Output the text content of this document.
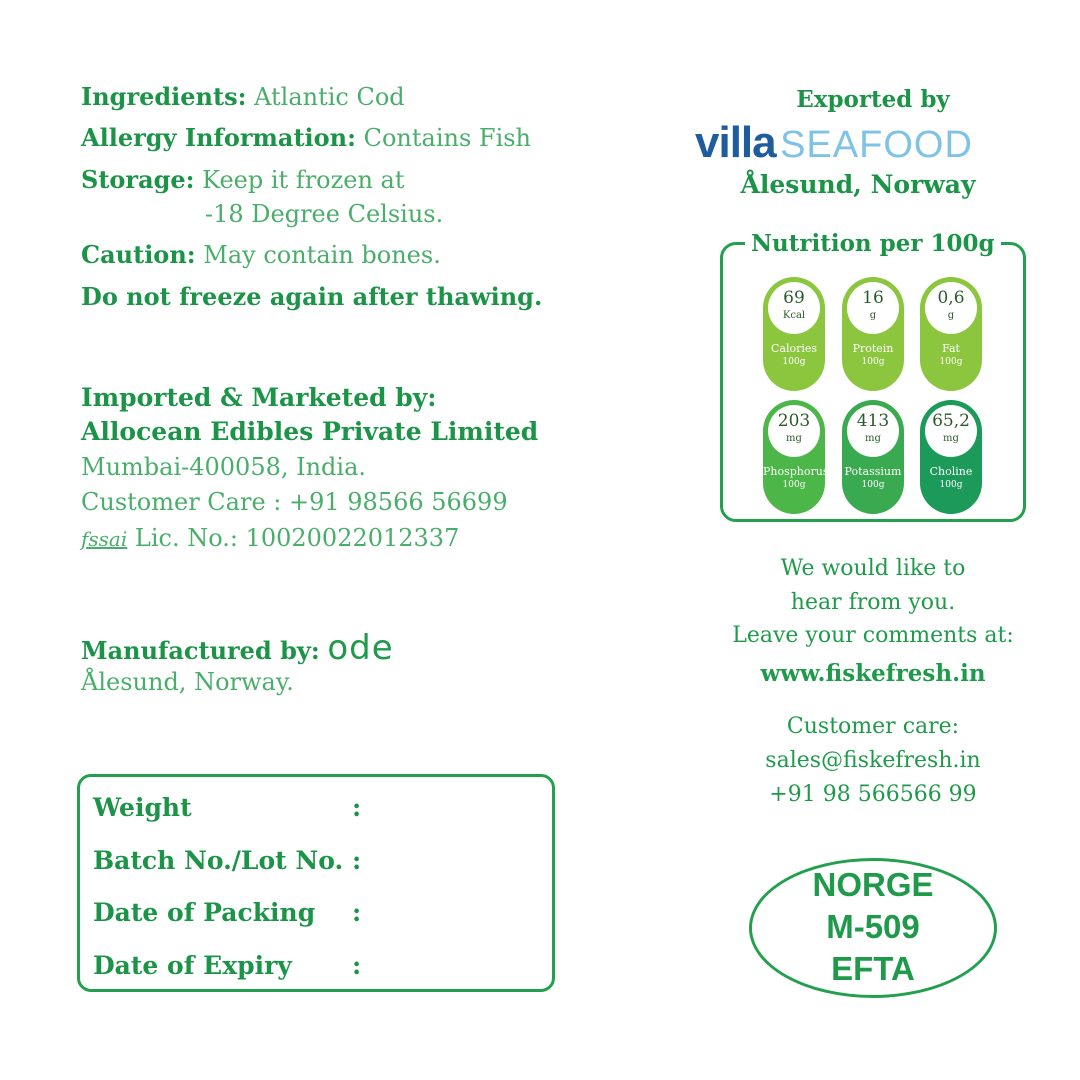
Ingredients: Atlantic Cod
Allergy Information: Contains Fish
Storage: Keep it frozen at
-18 Degree Celsius.
Caution: May contain bones.
Do not freeze again after thawing.
Imported & Marketed by:
Allocean Edibles Private Limited
Mumbai-400058, India.
Customer Care : +91 98566 56699
fssai Lic. No.: 10020022012337
Manufactured by: ode
Ålesund, Norway.
Weight	:
Batch No./Lot No. :
Date of Packing :
Date of Expiry :
Exported by
villa SEAFOOD
Ålesund, Norway
Nutrition per 100g
69
Kcal
Calories
100g
16
g
Protein
100g
0,6
g
Fat
100g
203
mg
Phosphorus
100g
413
mg
Potassium
100g
65,2
mg
Choline
100g
We would like to
hear from you.
Leave your comments at:
www.fiskefresh.in
Customer care:
sales@fiskefresh.in
+91 98 566566 99
NORGE
M-509
EFTA
